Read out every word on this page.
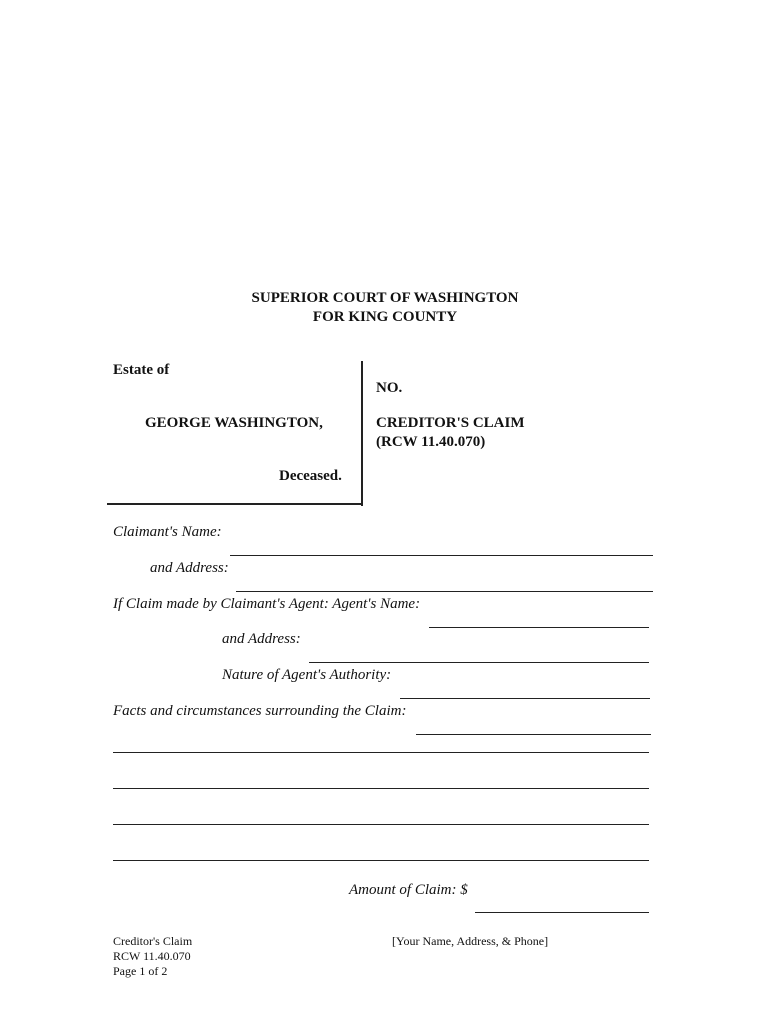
SUPERIOR COURT OF WASHINGTON
FOR KING COUNTY
Estate of
GEORGE WASHINGTON,
Deceased.
NO.
CREDITOR'S CLAIM
(RCW 11.40.070)
Claimant's Name:
and Address:
If Claim made by Claimant's Agent: Agent's Name:
and Address:
Nature of Agent's Authority:
Facts and circumstances surrounding the Claim:
Amount of Claim: $
Creditor's Claim
RCW 11.40.070
Page 1 of 2
[Your Name, Address, & Phone]
